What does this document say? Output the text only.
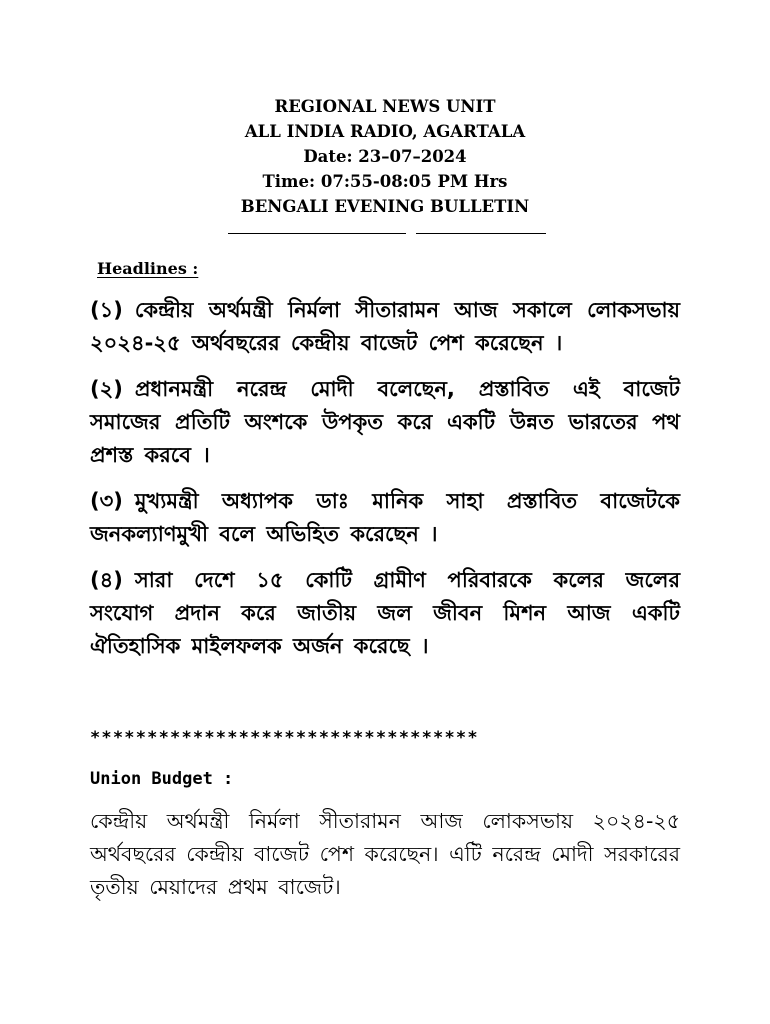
REGIONAL NEWS UNIT
ALL INDIA RADIO, AGARTALA
Date: 23–07–2024
Time: 07:55-08:05 PM Hrs
BENGALI EVENING BULLETIN
Headlines :
(১) কেন্দ্রীয় অর্থমন্ত্রী নির্মলা সীতারামন আজ সকালে লোকসভায় ২০২৪-২৫ অর্থবছরের কেন্দ্রীয় বাজেট পেশ করেছেন ।
(২) প্রধানমন্ত্রী নরেন্দ্র মোদী বলেছেন, প্রস্তাবিত এই বাজেট সমাজের প্রতিটি অংশকে উপকৃত করে একটি উন্নত ভারতের পথ প্রশস্ত করবে ।
(৩) মুখ্যমন্ত্রী অধ্যাপক ডাঃ মানিক সাহা প্রস্তাবিত বাজেটকে জনকল্যাণমুখী বলে অভিহিত করেছেন ।
(৪) সারা দেশে ১৫ কোটি গ্রামীণ পরিবারকে কলের জলের সংযোগ প্রদান করে জাতীয় জল জীবন মিশন আজ একটি ঐতিহাসিক মাইলফলক অর্জন করেছে ।
**********************************
Union Budget :

কেন্দ্রীয় অর্থমন্ত্রী নির্মলা সীতারামন আজ লোকসভায় ২০২৪-২৫ অর্থবছরের কেন্দ্রীয় বাজেট পেশ করেছেন। এটি নরেন্দ্র মোদী সরকারের তৃতীয় মেয়াদের প্রথম বাজেট।
